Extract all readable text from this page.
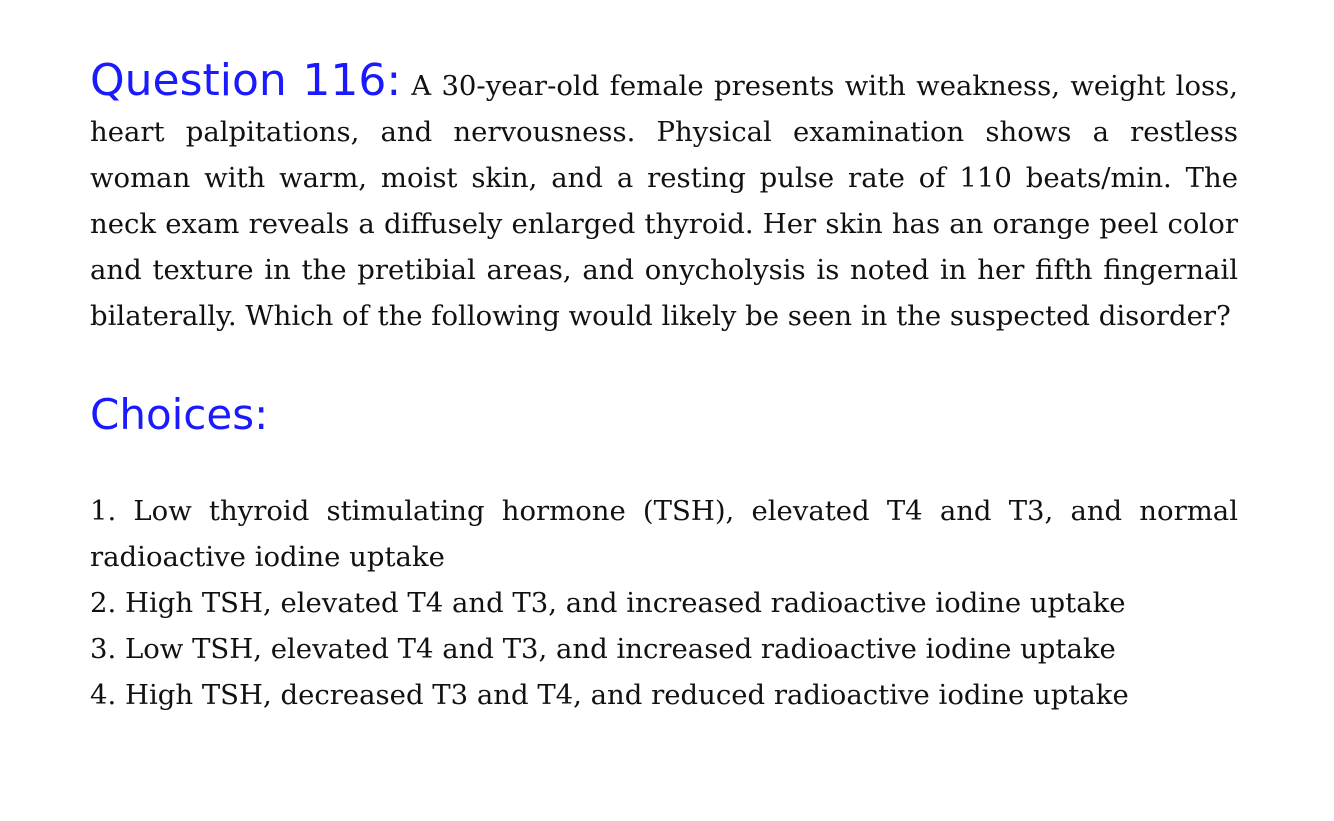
Question 116: A 30-year-old female presents with weakness, weight loss, heart palpitations, and nervousness. Physical examination shows a restless woman with warm, moist skin, and a resting pulse rate of 110 beats/min. The neck exam reveals a diffusely enlarged thyroid. Her skin has an orange peel color and texture in the pretibial areas, and onycholysis is noted in her fifth fingernail bilaterally. Which of the following would likely be seen in the suspected disorder?

Choices:
1. Low thyroid stimulating hormone (TSH), elevated T4 and T3, and normal radioactive iodine uptake
2. High TSH, elevated T4 and T3, and increased radioactive iodine uptake
3. Low TSH, elevated T4 and T3, and increased radioactive iodine uptake
4. High TSH, decreased T3 and T4, and reduced radioactive iodine uptake
